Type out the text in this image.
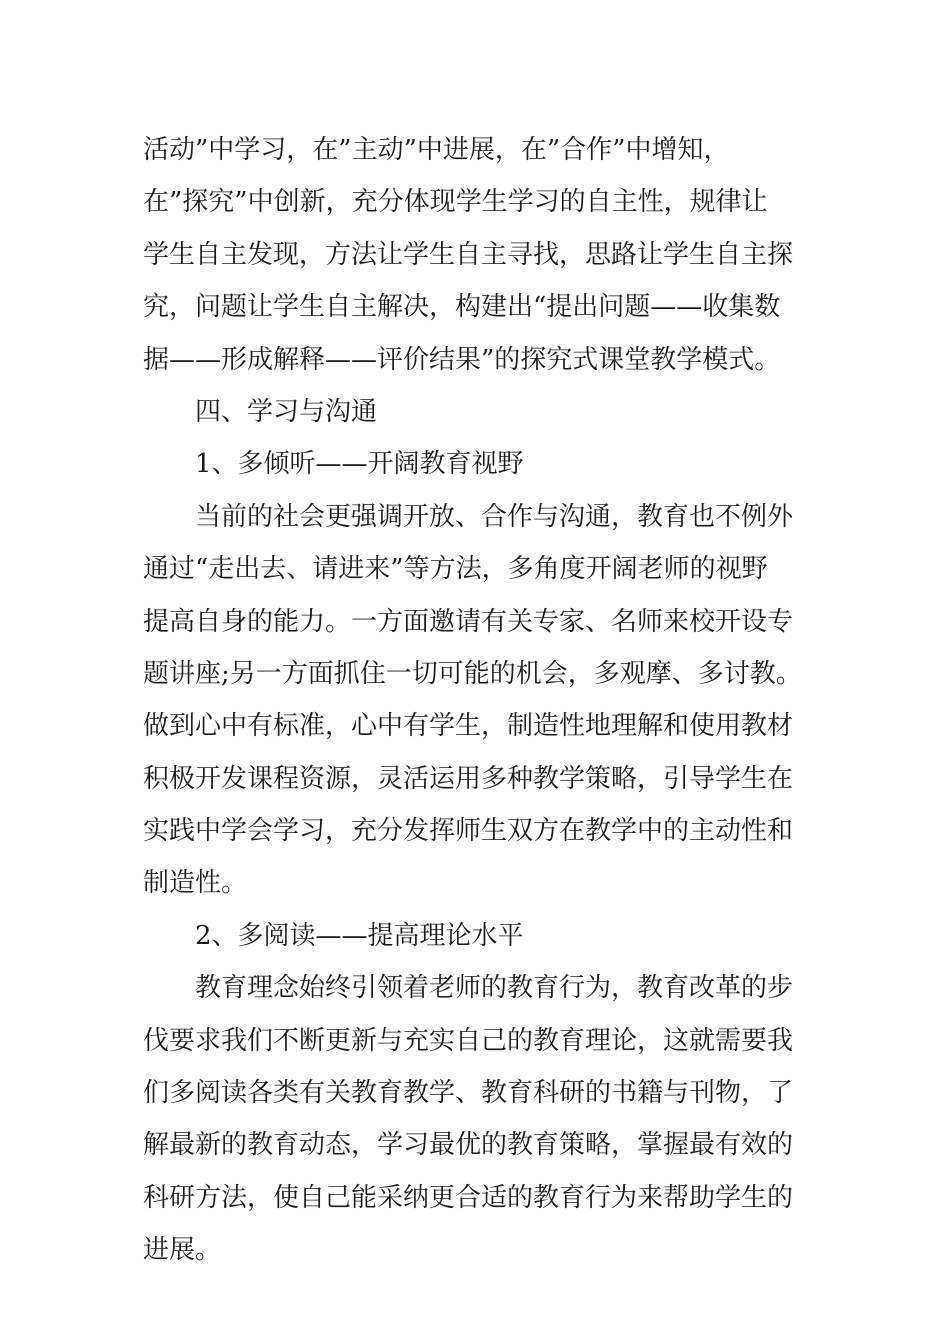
活动”中学习，在”主动”中进展，在”合作”中增知，
在”探究”中创新，充分体现学生学习的自主性，规律让
学生自主发现，方法让学生自主寻找，思路让学生自主探
究，问题让学生自主解决，构建出“提出问题——收集数
据——形成解释——评价结果”的探究式课堂教学模式。
四、学习与沟通
1、多倾听——开阔教育视野
当前的社会更强调开放、合作与沟通，教育也不例外
通过“走出去、请进来”等方法，多角度开阔老师的视野
提高自身的能力。一方面邀请有关专家、名师来校开设专
题讲座;另一方面抓住一切可能的机会，多观摩、多讨教。
做到心中有标准，心中有学生，制造性地理解和使用教材
积极开发课程资源，灵活运用多种教学策略，引导学生在
实践中学会学习，充分发挥师生双方在教学中的主动性和
制造性。
2、多阅读——提高理论水平
教育理念始终引领着老师的教育行为，教育改革的步
伐要求我们不断更新与充实自己的教育理论，这就需要我
们多阅读各类有关教育教学、教育科研的书籍与刊物，了
解最新的教育动态，学习最优的教育策略，掌握最有效的
科研方法，使自己能采纳更合适的教育行为来帮助学生的
进展。
